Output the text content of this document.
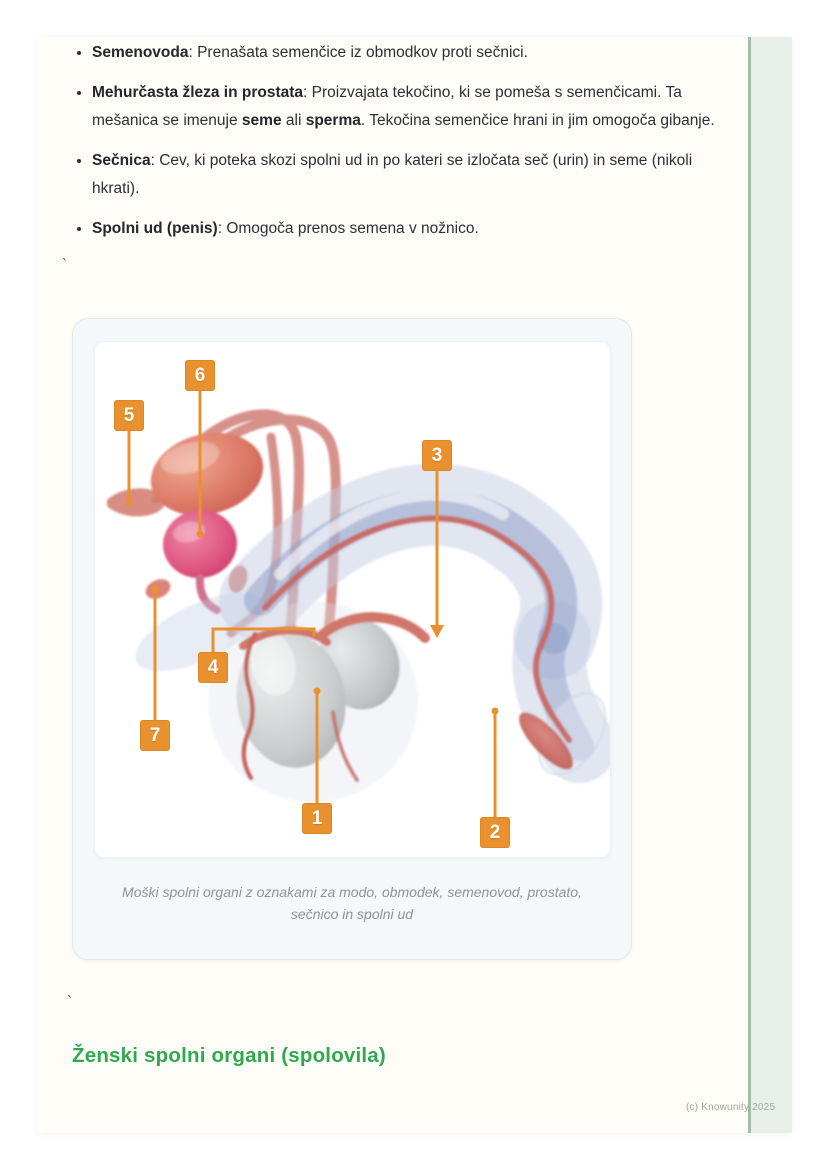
• Semenovoda: Prenašata semenčice iz obmodkov proti sečnici.
• Mehurčasta žleza in prostata: Proizvajata tekočino, ki se pomeša s semenčicami. Ta mešanica se imenuje seme ali sperma. Tekočina semenčice hrani in jim omogoča gibanje.
• Sečnica: Cev, ki poteka skozi spolni ud in po kateri se izločata seč (urin) in seme (nikoli hkrati).
• Spolni ud (penis): Omogoča prenos semena v nožnico.
`
1
2
3
4
5
6
7
Moški spolni organi z oznakami za modo, obmodek, semenovod, prostato, sečnico in spolni ud
`
Ženski spolni organi (spolovila)
(c) Knowunity 2025
